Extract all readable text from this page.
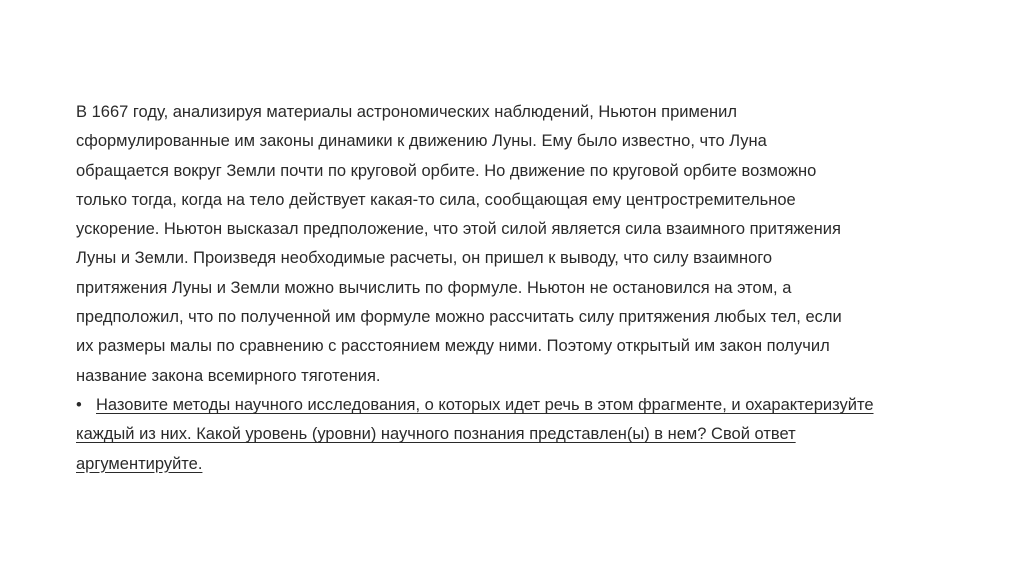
В 1667 году, анализируя материалы астрономических наблюдений, Ньютон применил
сформулированные им законы динамики к движению Луны. Ему было известно, что Луна
обращается вокруг Земли почти по круговой орбите. Но движение по круговой орбите возможно
только тогда, когда на тело действует какая-то сила, сообщающая ему центростремительное
ускорение. Ньютон высказал предположение, что этой силой является сила взаимного притяжения
Луны и Земли. Произведя необходимые расчеты, он пришел к выводу, что силу взаимного
притяжения Луны и Земли можно вычислить по формуле. Ньютон не остановился на этом, а
предположил, что по полученной им формуле можно рассчитать силу притяжения любых тел, если
их размеры малы по сравнению с расстоянием между ними. Поэтому открытый им закон получил
название закона всемирного тяготения.
• Назовите методы научного исследования, о которых идет речь в этом фрагменте, и охарактеризуйте
каждый из них. Какой уровень (уровни) научного познания представлен(ы) в нем? Свой ответ
аргументируйте.
